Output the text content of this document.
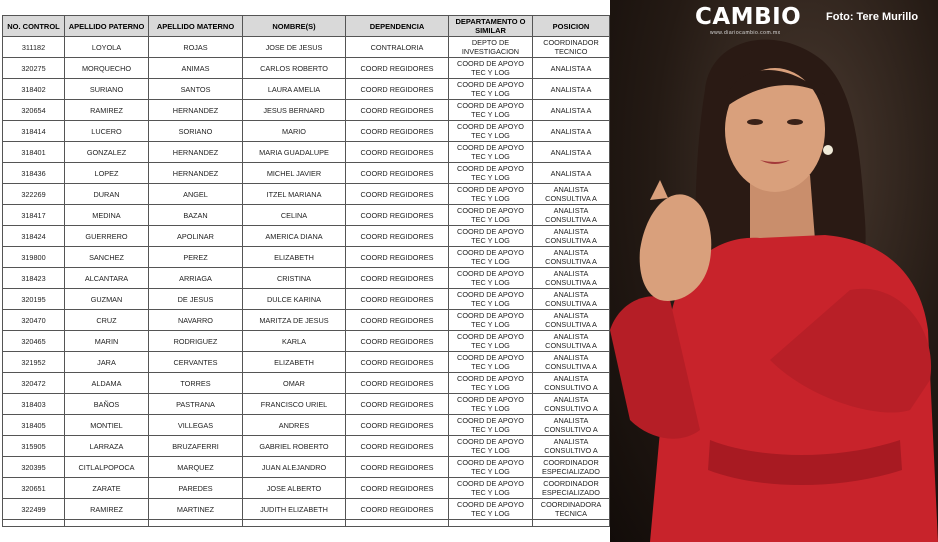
NO. CONTROL	APELLIDO PATERNO	APELLIDO MATERNO	NOMBRE(S)	DEPENDENCIA	DEPARTAMENTO O SIMILAR	POSICION
311182	LOYOLA	ROJAS	JOSE DE JESUS	CONTRALORIA	DEPTO DE INVESTIGACION	COORDINADOR TECNICO
320275	MORQUECHO	ANIMAS	CARLOS ROBERTO	COORD REGIDORES	COORD DE APOYO TEC Y LOG	ANALISTA A
318402	SURIANO	SANTOS	LAURA AMELIA	COORD REGIDORES	COORD DE APOYO TEC Y LOG	ANALISTA A
320654	RAMIREZ	HERNANDEZ	JESUS BERNARD	COORD REGIDORES	COORD DE APOYO TEC Y LOG	ANALISTA A
318414	LUCERO	SORIANO	MARIO	COORD REGIDORES	COORD DE APOYO TEC Y LOG	ANALISTA A
318401	GONZALEZ	HERNANDEZ	MARIA GUADALUPE	COORD REGIDORES	COORD DE APOYO TEC Y LOG	ANALISTA A
318436	LOPEZ	HERNANDEZ	MICHEL JAVIER	COORD REGIDORES	COORD DE APOYO TEC Y LOG	ANALISTA A
322269	DURAN	ANGEL	ITZEL MARIANA	COORD REGIDORES	COORD DE APOYO TEC Y LOG	ANALISTA CONSULTIVA A
318417	MEDINA	BAZAN	CELINA	COORD REGIDORES	COORD DE APOYO TEC Y LOG	ANALISTA CONSULTIVA A
318424	GUERRERO	APOLINAR	AMERICA DIANA	COORD REGIDORES	COORD DE APOYO TEC Y LOG	ANALISTA CONSULTIVA A
319800	SANCHEZ	PEREZ	ELIZABETH	COORD REGIDORES	COORD DE APOYO TEC Y LOG	ANALISTA CONSULTIVA A
318423	ALCANTARA	ARRIAGA	CRISTINA	COORD REGIDORES	COORD DE APOYO TEC Y LOG	ANALISTA CONSULTIVA A
320195	GUZMAN	DE JESUS	DULCE KARINA	COORD REGIDORES	COORD DE APOYO TEC Y LOG	ANALISTA CONSULTIVA A
320470	CRUZ	NAVARRO	MARITZA DE JESUS	COORD REGIDORES	COORD DE APOYO TEC Y LOG	ANALISTA CONSULTIVA A
320465	MARIN	RODRIGUEZ	KARLA	COORD REGIDORES	COORD DE APOYO TEC Y LOG	ANALISTA CONSULTIVA A
321952	JARA	CERVANTES	ELIZABETH	COORD REGIDORES	COORD DE APOYO TEC Y LOG	ANALISTA CONSULTIVA A
320472	ALDAMA	TORRES	OMAR	COORD REGIDORES	COORD DE APOYO TEC Y LOG	ANALISTA CONSULTIVO A
318403	BAÑOS	PASTRANA	FRANCISCO URIEL	COORD REGIDORES	COORD DE APOYO TEC Y LOG	ANALISTA CONSULTIVO A
318405	MONTIEL	VILLEGAS	ANDRES	COORD REGIDORES	COORD DE APOYO TEC Y LOG	ANALISTA CONSULTIVO A
315905	LARRAZA	BRUZAFERRI	GABRIEL ROBERTO	COORD REGIDORES	COORD DE APOYO TEC Y LOG	ANALISTA CONSULTIVO A
320395	CITLALPOPOCA	MARQUEZ	JUAN ALEJANDRO	COORD REGIDORES	COORD DE APOYO TEC Y LOG	COORDINADOR ESPECIALIZADO
320651	ZARATE	PAREDES	JOSE ALBERTO	COORD REGIDORES	COORD DE APOYO TEC Y LOG	COORDINADOR ESPECIALIZADO
322499	RAMIREZ	MARTINEZ	JUDITH ELIZABETH	COORD REGIDORES	COORD DE APOYO TEC Y LOG	COORDINADORA TECNICA

CAMBIO
www.diariocambio.com.mx
Foto: Tere Murillo
